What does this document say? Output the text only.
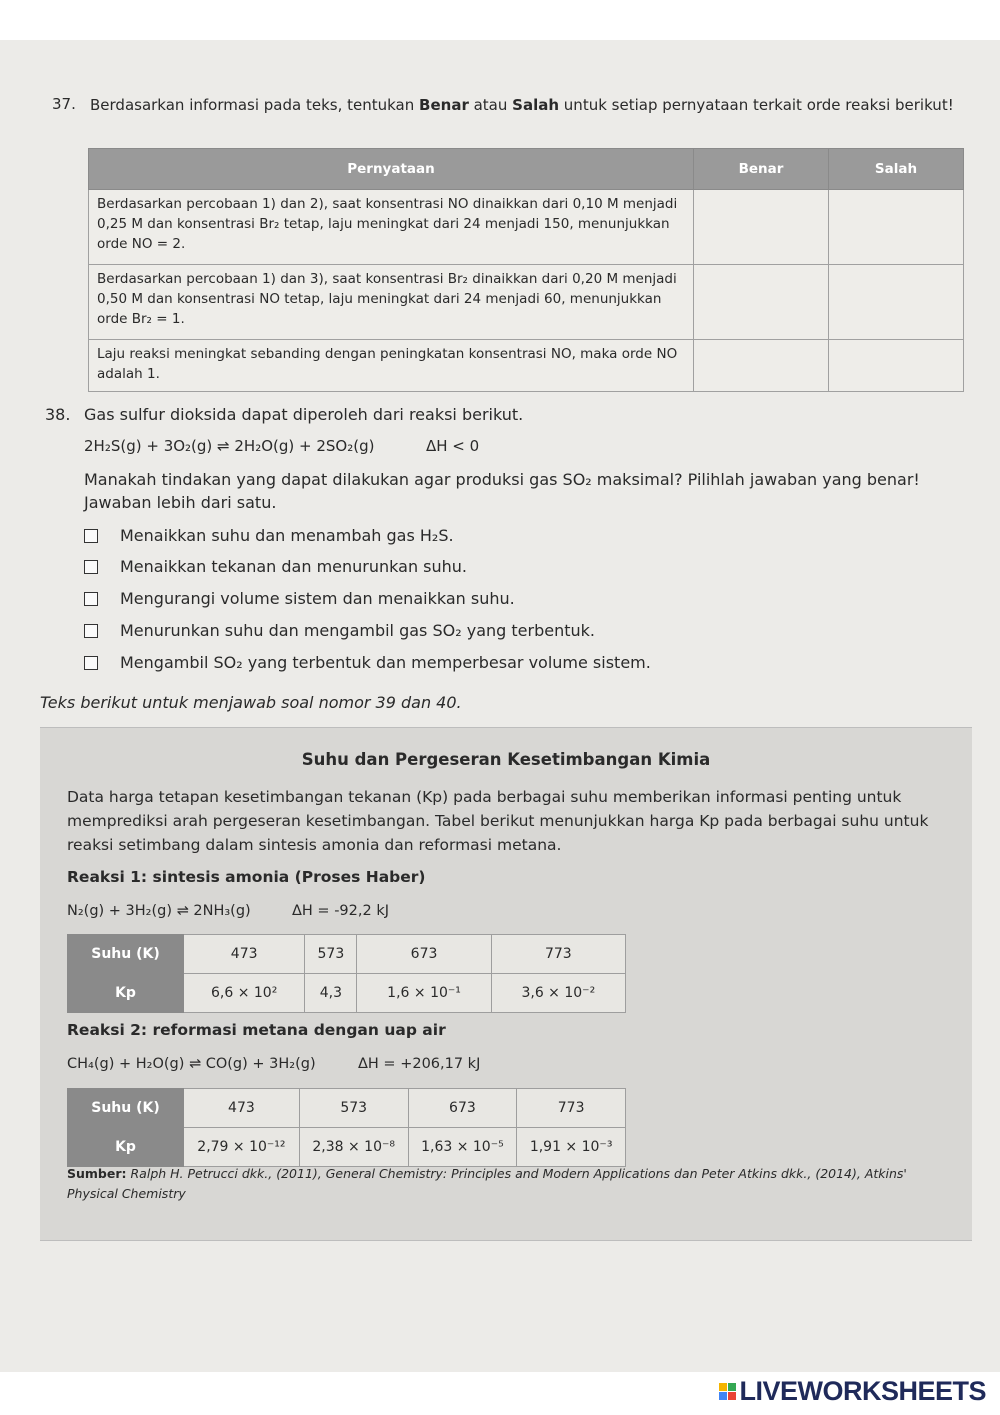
37. Berdasarkan informasi pada teks, tentukan Benar atau Salah untuk setiap pernyataan terkait orde reaksi berikut!
Pernyataan	Benar	Salah
Berdasarkan percobaan 1) dan 2), saat konsentrasi NO dinaikkan dari 0,10 M menjadi 0,25 M dan konsentrasi Br₂ tetap, laju meningkat dari 24 menjadi 150, menunjukkan orde NO = 2.		
Berdasarkan percobaan 1) dan 3), saat konsentrasi Br₂ dinaikkan dari 0,20 M menjadi 0,50 M dan konsentrasi NO tetap, laju meningkat dari 24 menjadi 60, menunjukkan orde Br₂ = 1.		
Laju reaksi meningkat sebanding dengan peningkatan konsentrasi NO, maka orde NO adalah 1.		
38. Gas sulfur dioksida dapat diperoleh dari reaksi berikut.
2H₂S(g) + 3O₂(g) ⇌ 2H₂O(g) + 2SO₂(g)	ΔH < 0
Manakah tindakan yang dapat dilakukan agar produksi gas SO₂ maksimal? Pilihlah jawaban yang benar! Jawaban lebih dari satu.
Menaikkan suhu dan menambah gas H₂S.
Menaikkan tekanan dan menurunkan suhu.
Mengurangi volume sistem dan menaikkan suhu.
Menurunkan suhu dan mengambil gas SO₂ yang terbentuk.
Mengambil SO₂ yang terbentuk dan memperbesar volume sistem.
Teks berikut untuk menjawab soal nomor 39 dan 40.
Suhu dan Pergeseran Kesetimbangan Kimia
Data harga tetapan kesetimbangan tekanan (Kp) pada berbagai suhu memberikan informasi penting untuk memprediksi arah pergeseran kesetimbangan. Tabel berikut menunjukkan harga Kp pada berbagai suhu untuk reaksi setimbang dalam sintesis amonia dan reformasi metana.
Reaksi 1: sintesis amonia (Proses Haber)
N₂(g) + 3H₂(g) ⇌ 2NH₃(g)	ΔH = -92,2 kJ
Suhu (K)	473	573	673	773
Kp	6,6 × 10²	4,3	1,6 × 10⁻¹	3,6 × 10⁻²
Reaksi 2: reformasi metana dengan uap air
CH₄(g) + H₂O(g) ⇌ CO(g) + 3H₂(g)	ΔH = +206,17 kJ
Suhu (K)	473	573	673	773
Kp	2,79 × 10⁻¹²	2,38 × 10⁻⁸	1,63 × 10⁻⁵	1,91 × 10⁻³
Sumber: Ralph H. Petrucci dkk., (2011), General Chemistry: Principles and Modern Applications dan Peter Atkins dkk., (2014), Atkins' Physical Chemistry
LIVEWORKSHEETS
